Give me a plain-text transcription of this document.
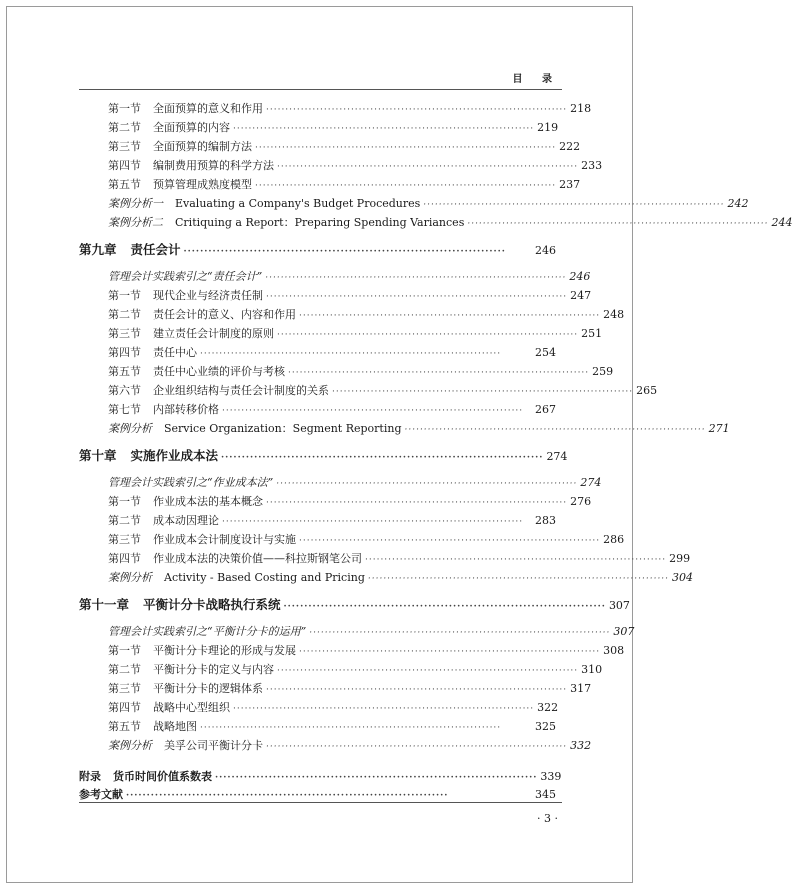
目 录
第一节 全面预算的意义和作用 ·············································································· 218
第二节 全面预算的内容 ·············································································· 219
第三节 全面预算的编制方法 ·············································································· 222
第四节 编制费用预算的科学方法 ·············································································· 233
第五节 预算管理成熟度模型 ·············································································· 237
案例分析一 Evaluating a Company's Budget Procedures ·············································································· 242
案例分析二 Critiquing a Report：Preparing Spending Variances ·············································································· 244
第九章 责任会计 ··············································································	246
管理会计实践索引之“责任会计” ·············································································· 246
第一节 现代企业与经济责任制 ·············································································· 247
第二节 责任会计的意义、内容和作用 ·············································································· 248
第三节 建立责任会计制度的原则 ·············································································· 251
第四节 责任中心 ··············································································	254
第五节 责任中心业绩的评价与考核 ·············································································· 259
第六节 企业组织结构与责任会计制度的关系 ·············································································· 265
第七节 内部转移价格 ··············································································	267
案例分析 Service Organization：Segment Reporting ·············································································· 271
第十章 实施作业成本法 ·············································································· 274
管理会计实践索引之“作业成本法” ·············································································· 274
第一节 作业成本法的基本概念 ·············································································· 276
第二节 成本动因理论 ··············································································	283
第三节 作业成本会计制度设计与实施 ·············································································· 286
第四节 作业成本法的决策价值——科拉斯钢笔公司 ·············································································· 299
案例分析 Activity - Based Costing and Pricing ·············································································· 304
第十一章 平衡计分卡战略执行系统 ·············································································· 307
管理会计实践索引之“平衡计分卡的运用” ·············································································· 307
第一节 平衡计分卡理论的形成与发展 ·············································································· 308
第二节 平衡计分卡的定义与内容 ·············································································· 310
第三节 平衡计分卡的逻辑体系 ·············································································· 317
第四节 战略中心型组织 ·············································································· 322
第五节 战略地图 ··············································································	325
案例分析 美孚公司平衡计分卡 ·············································································· 332
附录 货币时间价值系数表 ·············································································· 339
参考文献 ··············································································	345
· 3 ·
